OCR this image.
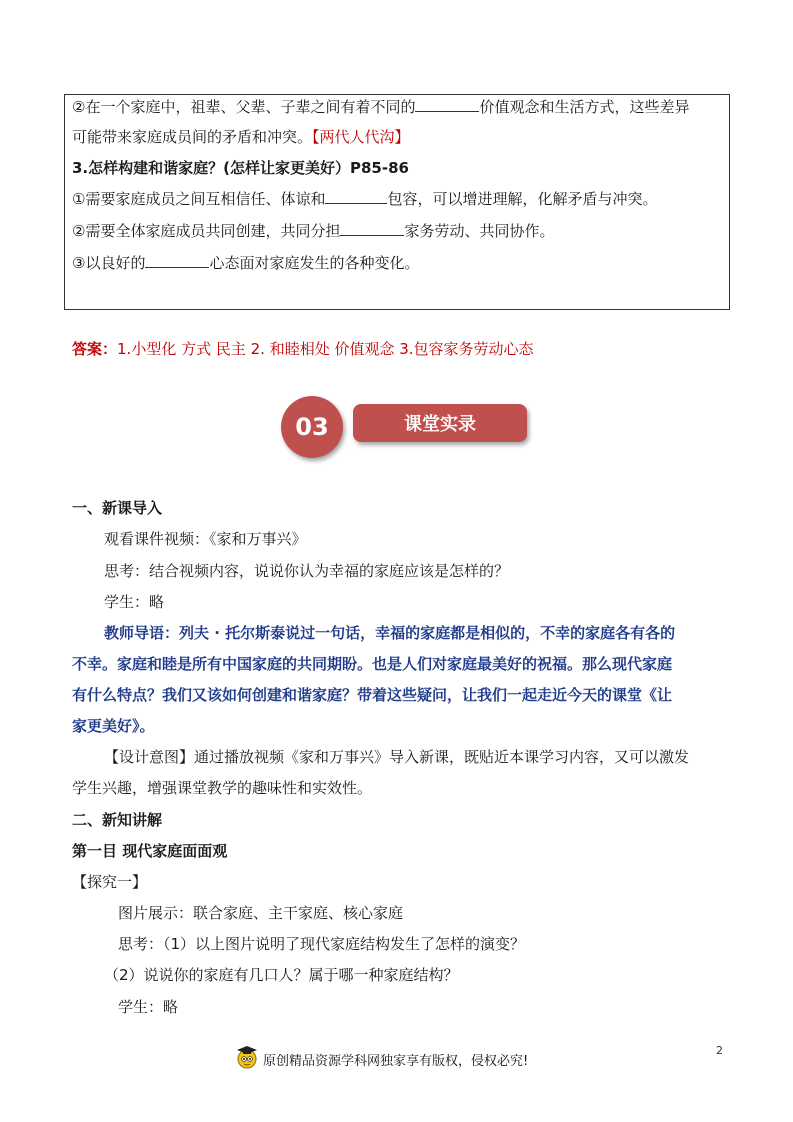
②在一个家庭中，祖辈、父辈、子辈之间有着不同的	价值观念和生活方式，这些差异
可能带来家庭成员间的矛盾和冲突。【两代人代沟】
3.怎样构建和谐家庭？(怎样让家更美好）P85-86
①需要家庭成员之间互相信任、体谅和	包容，可以增进理解，化解矛盾与冲突。
②需要全体家庭成员共同创建，共同分担	家务劳动、共同协作。
③以良好的	心态面对家庭发生的各种变化。
答案：1.小型化 方式 民主 2. 和睦相处 价值观念 3.包容家务劳动心态
03	课堂实录
一、新课导入
观看课件视频：《家和万事兴》
思考：结合视频内容，说说你认为幸福的家庭应该是怎样的？
学生：略
教师导语：列夫 · 托尔斯泰说过一句话，幸福的家庭都是相似的，不幸的家庭各有各的
不幸。家庭和睦是所有中国家庭的共同期盼。也是人们对家庭最美好的祝福。那么现代家庭
有什么特点？我们又该如何创建和谐家庭？带着这些疑问，让我们一起走近今天的课堂《让
家更美好》。
【设计意图】通过播放视频《家和万事兴》导入新课，既贴近本课学习内容，又可以激发
学生兴趣，增强课堂教学的趣味性和实效性。
二、新知讲解
第一目 现代家庭面面观
【探究一】
图片展示：联合家庭、主干家庭、核心家庭
思考：（1）以上图片说明了现代家庭结构发生了怎样的演变？
（2）说说你的家庭有几口人？属于哪一种家庭结构？
学生：略
2
原创精品资源学科网独家享有版权，侵权必究!
